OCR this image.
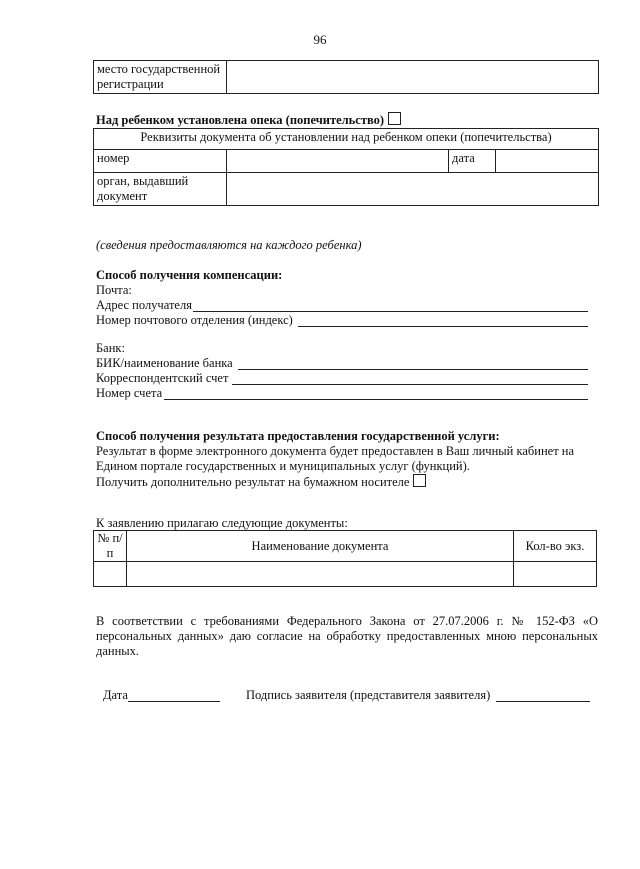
96
место государственной регистрации	
Над ребенком установлена опека (попечительство)
Реквизиты документа об установлении над ребенком опеки (попечительства)			
номер		дата	
орган, выдавший документ			
(сведения предоставляются на каждого ребенка)
Способ получения компенсации:
Почта:
Адрес получателя
Номер почтового отделения (индекс)
Банк:
БИК/наименование банка
Корреспондентский счет
Номер счета
Способ получения результата предоставления государственной услуги:
Результат в форме электронного документа будет предоставлен в Ваш личный кабинет на Едином портале государственных и муниципальных услуг (функций).
Получить дополнительно результат на бумажном носителе
К заявлению прилагаю следующие документы:
№ п/п	Наименование документа	Кол-во экз.

В соответствии с требованиями Федерального Закона от 27.07.2006 г. № 152-ФЗ «О персональных данных» даю согласие на обработку предоставленных мною персональных данных.
Дата	Подпись заявителя (представителя заявителя)
